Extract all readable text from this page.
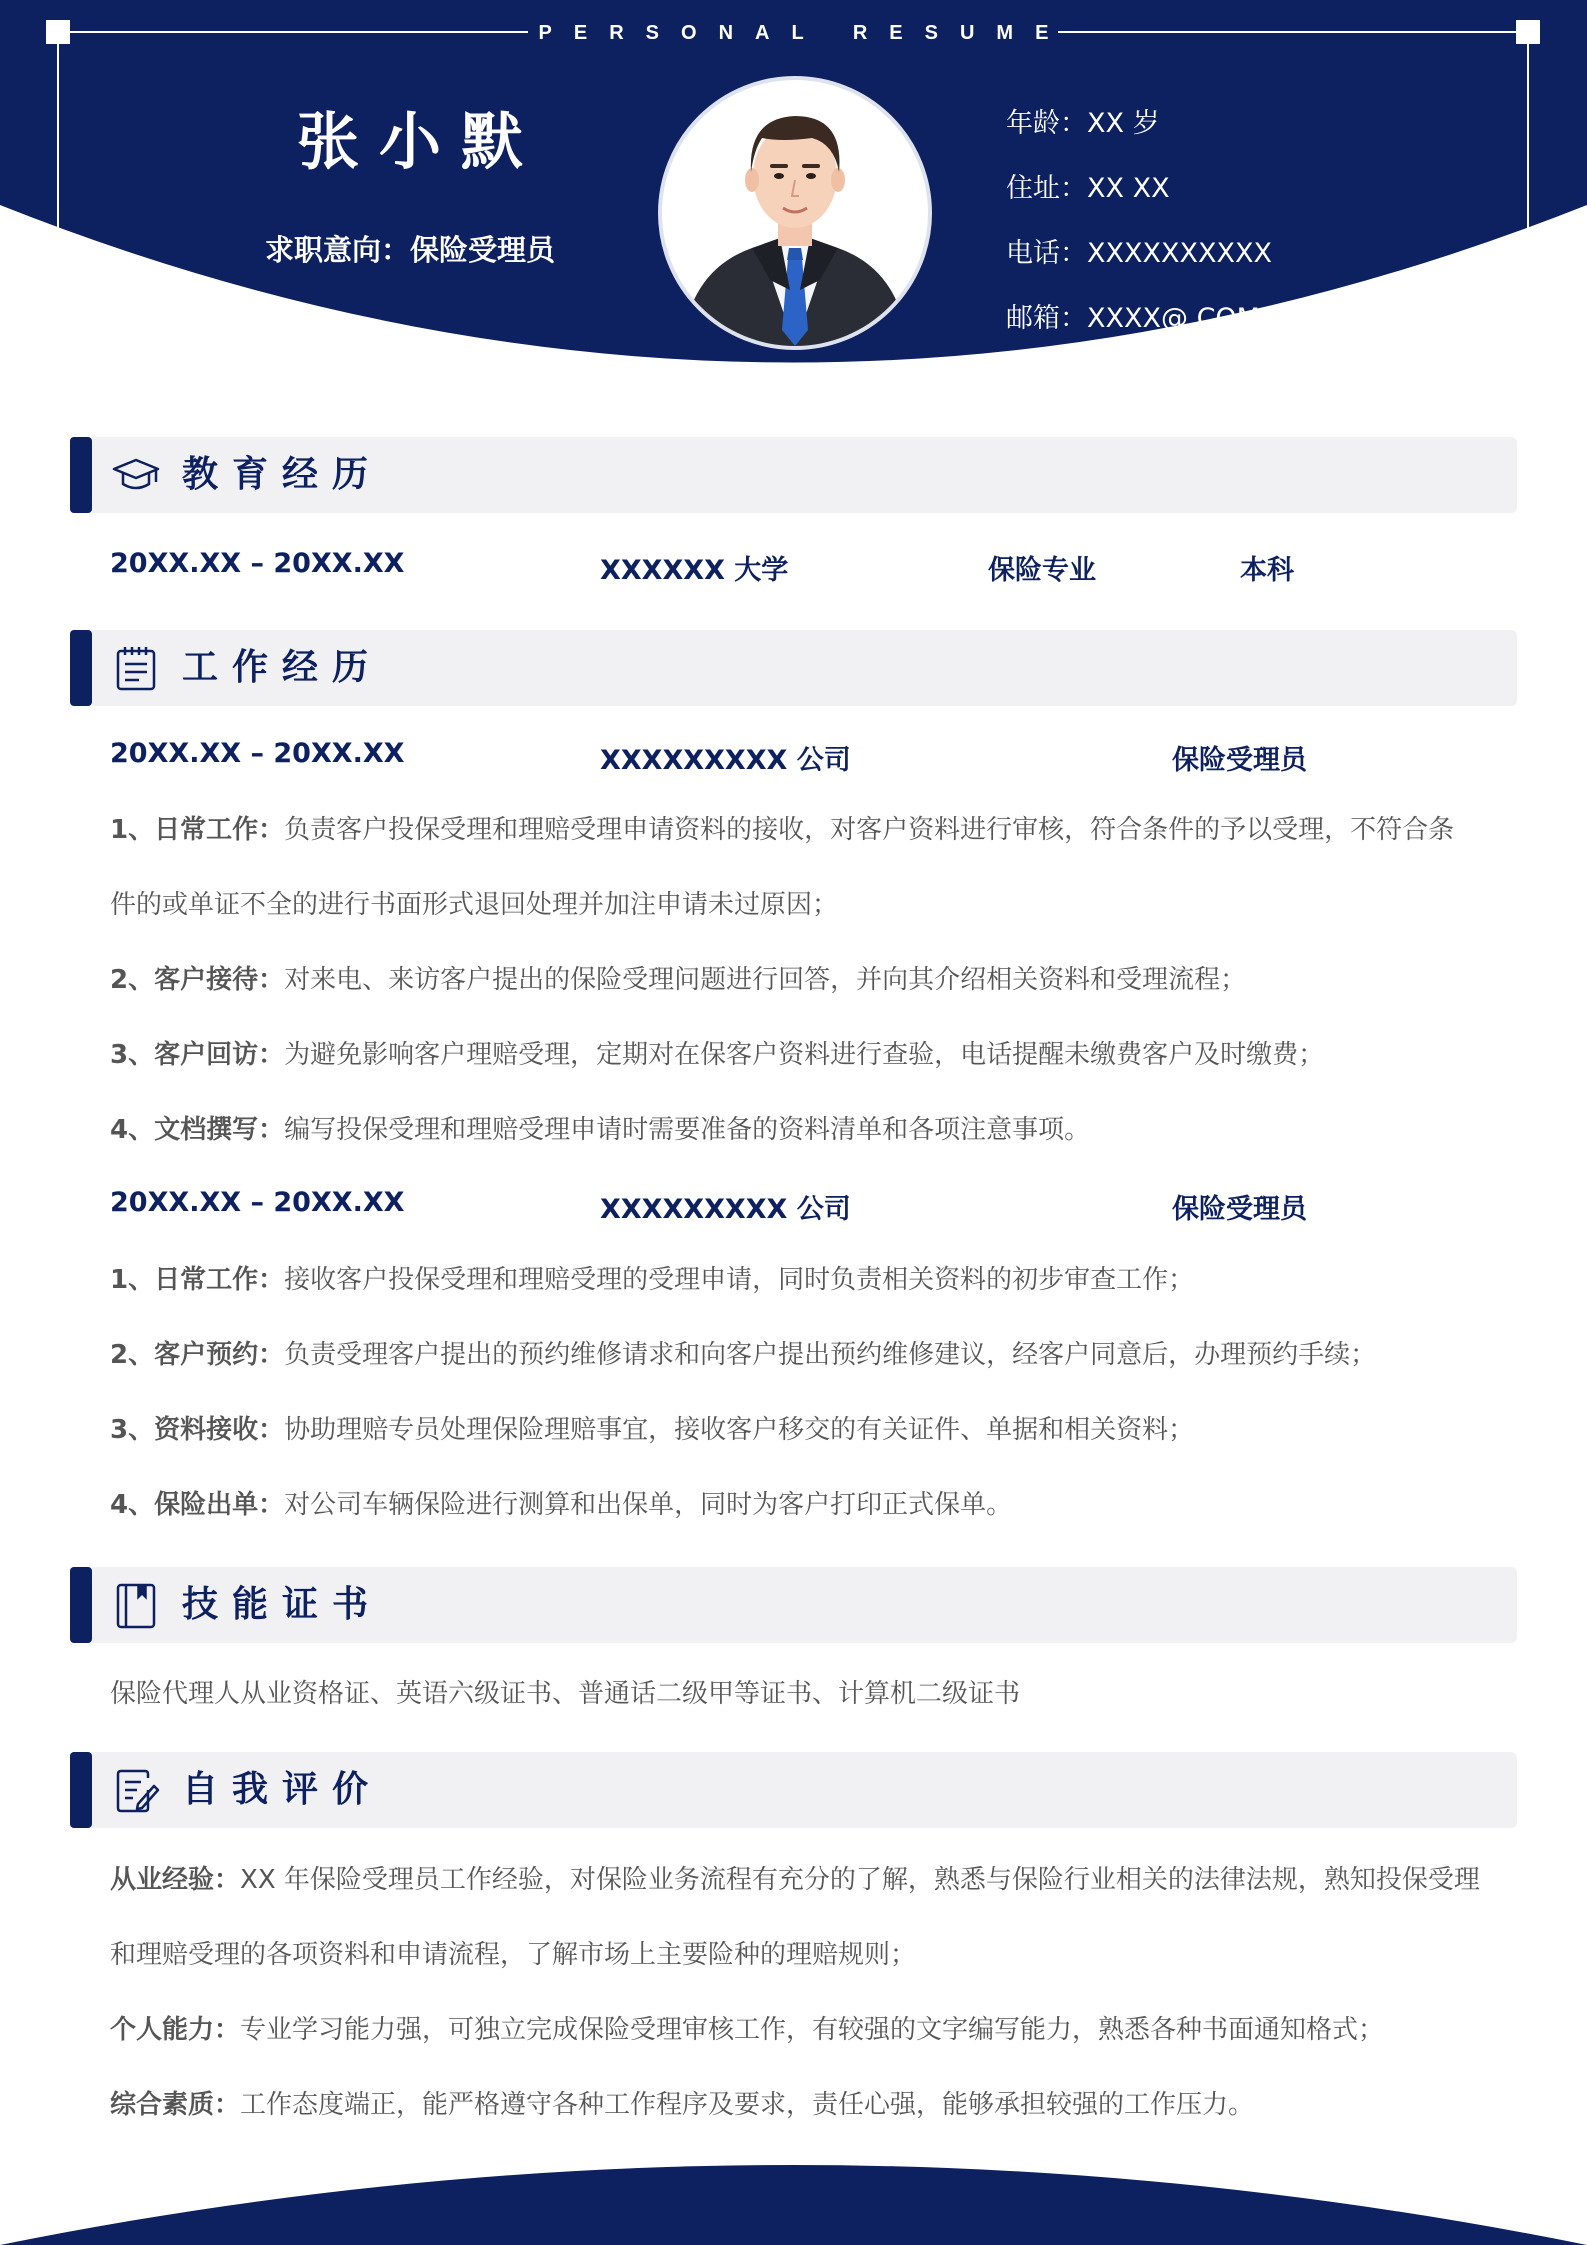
PERSONAL RESUME
张小默
求职意向：保险受理员
年龄：XX 岁
住址：XX XX
电话：XXXXXXXXXX
邮箱：XXXX@.COM
教育经历
20XX.XX – 20XX.XX	XXXXXX 大学	保险专业	本科
工作经历
20XX.XX – 20XX.XX	XXXXXXXXX 公司	保险受理员
1、日常工作：负责客户投保受理和理赔受理申请资料的接收，对客户资料进行审核，符合条件的予以受理，不符合条件的或单证不全的进行书面形式退回处理并加注申请未过原因；
2、客户接待：对来电、来访客户提出的保险受理问题进行回答，并向其介绍相关资料和受理流程；
3、客户回访：为避免影响客户理赔受理，定期对在保客户资料进行查验，电话提醒未缴费客户及时缴费；
4、文档撰写：编写投保受理和理赔受理申请时需要准备的资料清单和各项注意事项。
20XX.XX – 20XX.XX	XXXXXXXXX 公司	保险受理员
1、日常工作：接收客户投保受理和理赔受理的受理申请，同时负责相关资料的初步审查工作；
2、客户预约：负责受理客户提出的预约维修请求和向客户提出预约维修建议，经客户同意后，办理预约手续；
3、资料接收：协助理赔专员处理保险理赔事宜，接收客户移交的有关证件、单据和相关资料；
4、保险出单：对公司车辆保险进行测算和出保单，同时为客户打印正式保单。
技能证书
保险代理人从业资格证、英语六级证书、普通话二级甲等证书、计算机二级证书
自我评价
从业经验：XX 年保险受理员工作经验，对保险业务流程有充分的了解，熟悉与保险行业相关的法律法规，熟知投保受理和理赔受理的各项资料和申请流程，了解市场上主要险种的理赔规则；
个人能力：专业学习能力强，可独立完成保险受理审核工作，有较强的文字编写能力，熟悉各种书面通知格式；
综合素质：工作态度端正，能严格遵守各种工作程序及要求，责任心强，能够承担较强的工作压力。
